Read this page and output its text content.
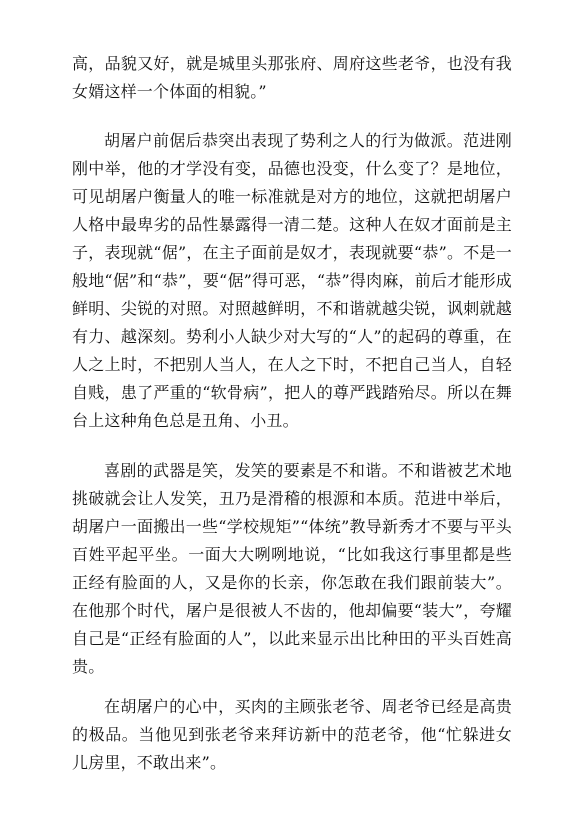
高，品貌又好，就是城里头那张府、周府这些老爷，也没有我女婿这样一个体面的相貌。”

胡屠户前倨后恭突出表现了势利之人的行为做派。范进刚刚中举，他的才学没有变，品德也没变，什么变了？是地位，可见胡屠户衡量人的唯一标准就是对方的地位，这就把胡屠户人格中最卑劣的品性暴露得一清二楚。这种人在奴才面前是主子，表现就“倨”，在主子面前是奴才，表现就要“恭”。不是一般地“倨”和“恭”，要“倨”得可恶，“恭”得肉麻，前后才能形成鲜明、尖锐的对照。对照越鲜明，不和谐就越尖锐，讽刺就越有力、越深刻。势利小人缺少对大写的“人”的起码的尊重，在人之上时，不把别人当人，在人之下时，不把自己当人，自轻自贱，患了严重的“软骨病”，把人的尊严践踏殆尽。所以在舞台上这种角色总是丑角、小丑。

喜剧的武器是笑，发笑的要素是不和谐。不和谐被艺术地挑破就会让人发笑，丑乃是滑稽的根源和本质。范进中举后，胡屠户一面搬出一些“学校规矩”“体统”教导新秀才不要与平头百姓平起平坐。一面大大咧咧地说，“比如我这行事里都是些正经有脸面的人，又是你的长亲，你怎敢在我们跟前装大”。在他那个时代，屠户是很被人不齿的，他却偏要“装大”，夸耀自己是“正经有脸面的人”，以此来显示出比种田的平头百姓高贵。

在胡屠户的心中，买肉的主顾张老爷、周老爷已经是高贵的极品。当他见到张老爷来拜访新中的范老爷，他“忙躲进女儿房里，不敢出来”。
